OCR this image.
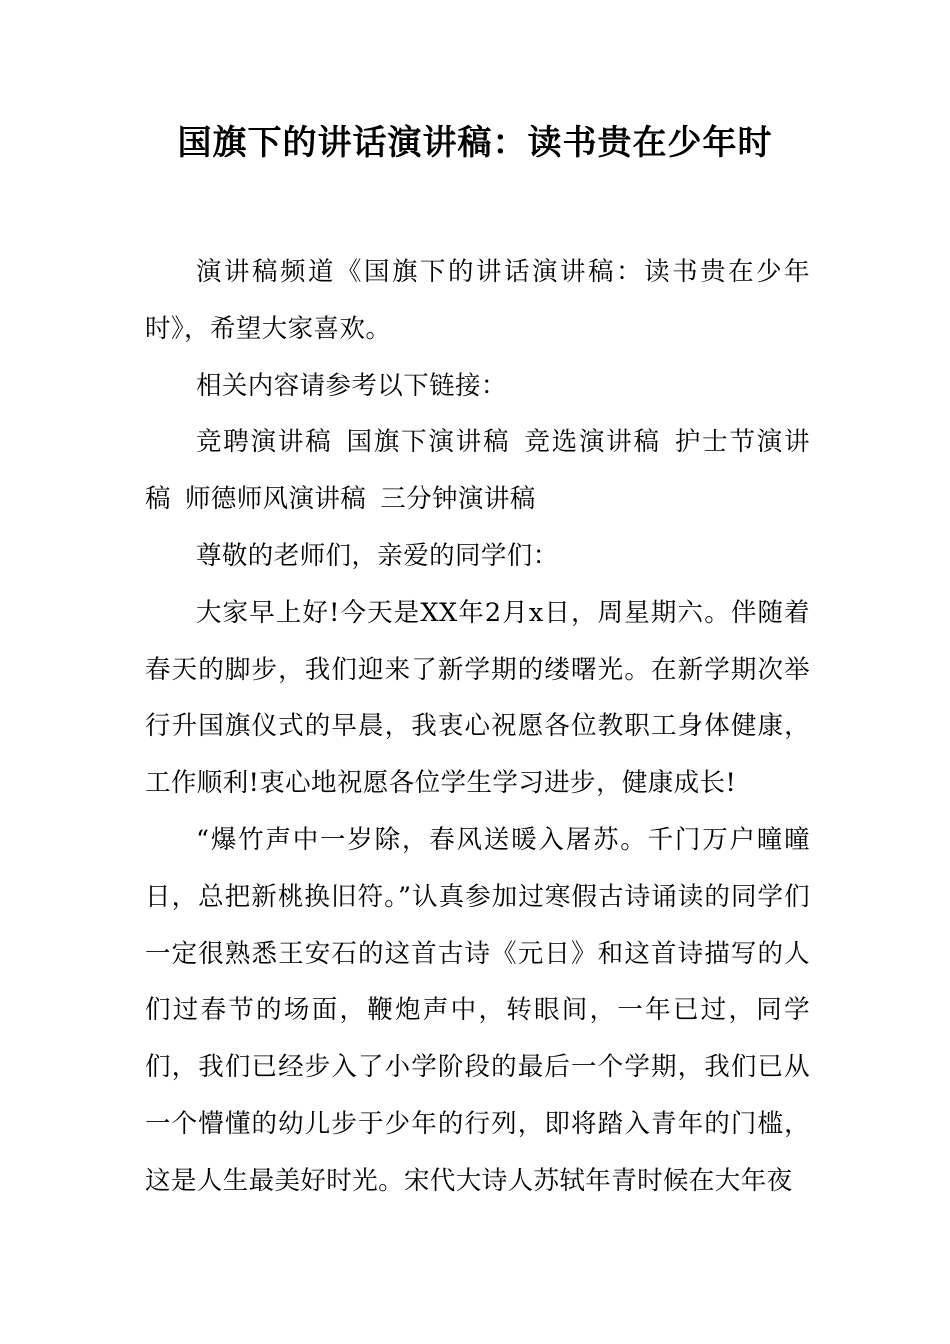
国旗下的讲话演讲稿：读书贵在少年时

演讲稿频道《国旗下的讲话演讲稿：读书贵在少年时》，希望大家喜欢。

相关内容请参考以下链接：

竞聘演讲稿 国旗下演讲稿 竞选演讲稿 护士节演讲稿 师德师风演讲稿 三分钟演讲稿

尊敬的老师们，亲爱的同学们：

大家早上好!今天是XX年2月x日，周星期六。伴随着春天的脚步，我们迎来了新学期的缕曙光。在新学期次举行升国旗仪式的早晨，我衷心祝愿各位教职工身体健康，工作顺利!衷心地祝愿各位学生学习进步，健康成长!

“爆竹声中一岁除，春风送暖入屠苏。千门万户曈曈日，总把新桃换旧符。”认真参加过寒假古诗诵读的同学们一定很熟悉王安石的这首古诗《元日》和这首诗描写的人们过春节的场面，鞭炮声中，转眼间，一年已过，同学们，我们已经步入了小学阶段的最后一个学期，我们已从一个懵懂的幼儿步于少年的行列，即将踏入青年的门槛，这是人生最美好时光。宋代大诗人苏轼年青时候在大年夜
